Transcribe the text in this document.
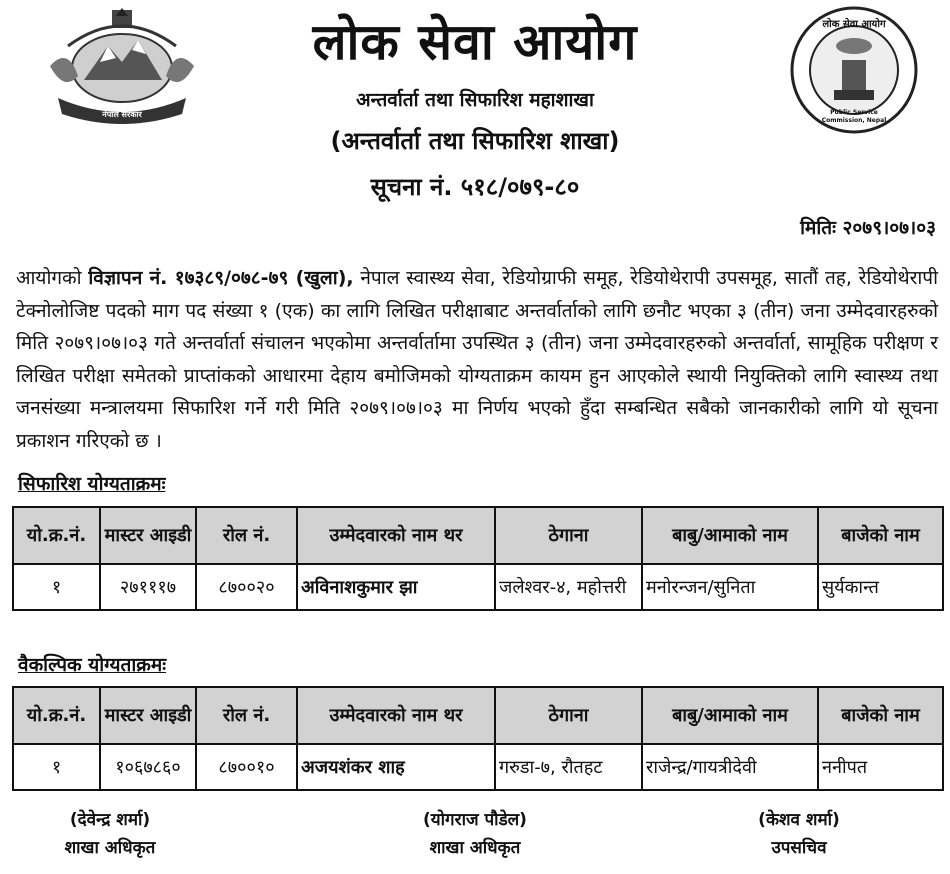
नेपाल सरकार
लोक सेवा आयोग
Public Service Commission, Nepal
लोक सेवा आयोग
अन्तर्वार्ता तथा सिफारिश महाशाखा
(अन्तर्वार्ता तथा सिफारिश शाखा)
सूचना नं. ५१८/०७९-८०
मितिः २०७९।०७।०३
आयोगको विज्ञापन नं. १७३८९/०७८-७९ (खुला), नेपाल स्वास्थ्य सेवा, रेडियोग्राफी समूह, रेडियोथेरापी उपसमूह, सातौं तह, रेडियोथेरापी टेक्नोलोजिष्ट पदको माग पद संख्या १ (एक) का लागि लिखित परीक्षाबाट अन्तर्वार्ताको लागि छनौट भएका ३ (तीन) जना उम्मेदवारहरुको मिति २०७९।०७।०३ गते अन्तर्वार्ता संचालन भएकोमा अन्तर्वार्तामा उपस्थित ३ (तीन) जना उम्मेदवारहरुको अन्तर्वार्ता, सामूहिक परीक्षण र लिखित परीक्षा समेतको प्राप्तांकको आधारमा देहाय बमोजिमको योग्यताक्रम कायम हुन आएकोले स्थायी नियुक्तिको लागि स्वास्थ्य तथा जनसंख्या मन्त्रालयमा सिफारिश गर्ने गरी मिति २०७९।०७।०३ मा निर्णय भएको हुँदा सम्बन्धित सबैको जानकारीको लागि यो सूचना प्रकाशन गरिएको छ ।
सिफारिश योग्यताक्रमः
यो.क्र.नं.	मास्टर आइडी	रोल नं.	उम्मेदवारको नाम थर	ठेगाना	बाबु/आमाको नाम	बाजेको नाम
१	२७१११७	८७००२०	अविनाशकुमार झा	जलेश्वर-४, महोत्तरी	मनोरन्जन/सुनिता	सुर्यकान्त
वैकल्पिक योग्यताक्रमः
यो.क्र.नं.	मास्टर आइडी	रोल नं.	उम्मेदवारको नाम थर	ठेगाना	बाबु/आमाको नाम	बाजेको नाम
१	१०६७८६०	८७००१०	अजयशंकर शाह	गरुडा-७, रौतहट	राजेन्द्र/गायत्रीदेवी	ननीपत
(देवेन्द्र शर्मा)
शाखा अधिकृत
(योगराज पौडेल)
शाखा अधिकृत
(केशव शर्मा)
उपसचिव
